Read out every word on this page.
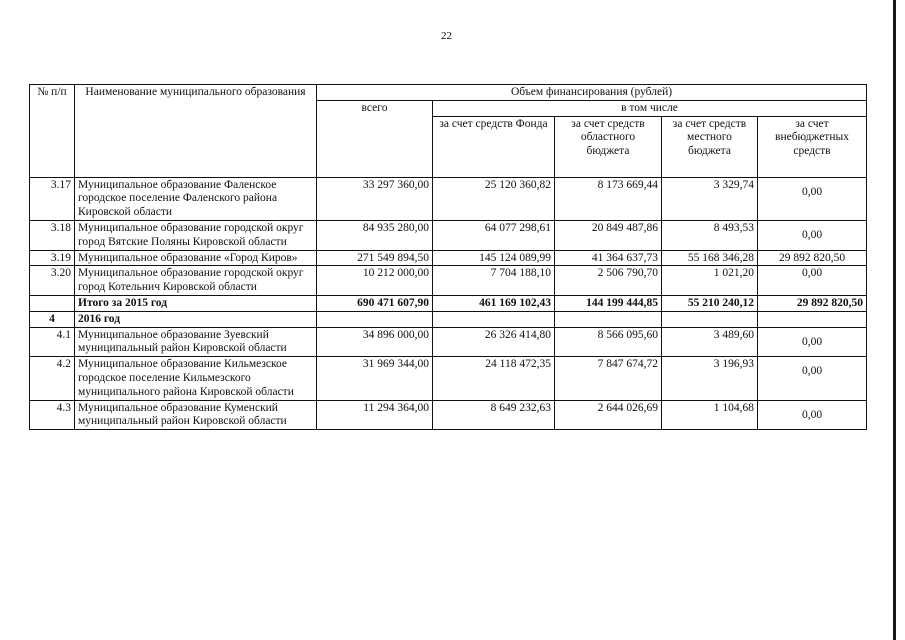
22
№ п/п	Наименование муниципального образования	Объем финансирования (рублей)				
		всего	в том числе			
			за счет средств Фонда	за счет средств областного бюджета	за счет средств местного бюджета	за счет внебюджетных средств
3.17	Муниципальное образование Фаленское городское поселение Фаленского района Кировской области	33 297 360,00	25 120 360,82	8 173 669,44	3 329,74	0,00
3.18	Муниципальное образование городской округ город Вятские Поляны Кировской области	84 935 280,00	64 077 298,61	20 849 487,86	8 493,53	0,00
3.19	Муниципальное образование «Город Киров»	271 549 894,50	145 124 089,99	41 364 637,73	55 168 346,28	29 892 820,50
3.20	Муниципальное образование городской округ город Котельнич Кировской области	10 212 000,00	7 704 188,10	2 506 790,70	1 021,20	0,00
	Итого за 2015 год	690 471 607,90	461 169 102,43	144 199 444,85	55 210 240,12	29 892 820,50
4	2016 год					
4.1	Муниципальное образование Зуевский муниципальный район Кировской области	34 896 000,00	26 326 414,80	8 566 095,60	3 489,60	0,00
4.2	Муниципальное образование Кильмезское городское поселение Кильмезского муниципального района Кировской области	31 969 344,00	24 118 472,35	7 847 674,72	3 196,93	0,00
4.3	Муниципальное образование Куменский муниципальный район Кировской области	11 294 364,00	8 649 232,63	2 644 026,69	1 104,68	0,00
